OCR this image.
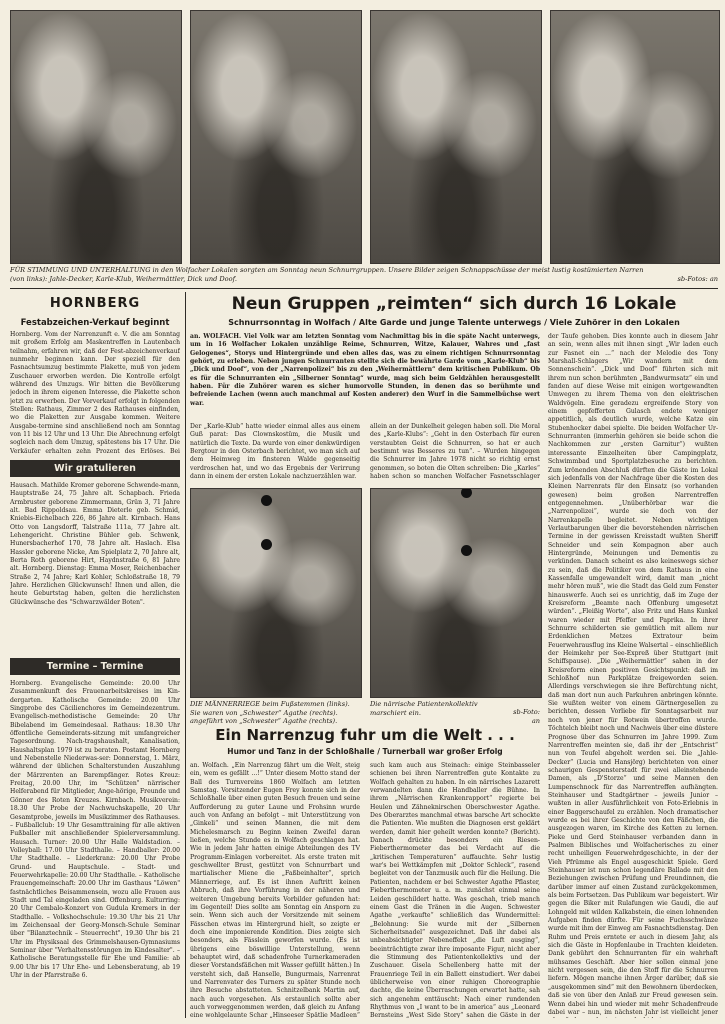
FÜR STIMMUNG UND UNTERHALTUNG in den Wolfacher Lokalen sorgten am Sonntag neun Schnurrgruppen. Unsere Bilder zeigen Schnappschüsse der meist lustig kostümierten Narren (von links): Jahle-Decker, Karle-Klub, Weihermättler, Dick und Doof.	sb-Fotos: an
HORNBERG
Festabzeichen-Verkauf beginnt
Hornberg. Vom der Narrenzunft e. V. die am Sonntag mit großem Erfolg am Maskentreffen in Lautenbach teilnahm, erfahren wir, daß der Fest-abzeichenverkauf nunmehr beginnen kann. Der speziell für den Fasnachtsumzug bestimmte Plakette, muß von jedem Zuschauer erworben werden. Die Kontrolle erfolgt während des Umzugs. Wir bitten die Bevölkerung jedoch in ihrem eigenen Interesse, die Plakette schon jetzt zu erwerben. Der Vorverkauf erfolgt in folgenden Stellen: Rathaus, Zimmer 2 des Rathauses einfinden, wo die Plaketten zur Ausgabe kommen. Weitere Ausgabe-termine sind anschließend noch am Sonntag von 11 bis 12 Uhr und 13 Uhr. Die Abrechnung erfolgt sogleich nach dem Umzug, spätestens bis 17 Uhr. Die Verkäufer erhalten zehn Prozent des Erlöses. Bei
Wir gratulieren
Hausach. Mathilde Kromer geborene Schwende-mann, Hauptstraße 24, 75 Jahre alt. Schapbach. Frieda Armbruster geborene Zimmermann, Grün 3, 71 Jahre alt. Bad Rippoldsau. Emma Dieterle geb. Schmid, Kniebis-Eichelbach 226, 86 Jahre alt. Kirnbach. Hans Otto von Langsdorff, Talstraße 111a, 77 Jahre alt. Lehengericht. Christine Bühler geb. Schwenk, Hunersbacherhof 170, 78 Jahre alt. Haslach. Elsa Hassler geborene Nicke, Am Spielplatz 2, 70 Jahre alt, Berta Roth geborene Hirt, Haydnstraße 6, 81 Jahre alt. Hornberg. Dienstag: Emma Moser, Reichenbacher Straße 2, 74 Jahre; Karl Kohler, Schloßstraße 18, 79 Jahre. Herzlichen Glückwunsch! Ihnen und allen, die heute Geburtstag haben, gelten die herzlichsten Glückwünsche des "Schwarzwälder Boten".
Termine – Termine
Hornberg. Evangelische Gemeinde: 20.00 Uhr Zusammenkunft des Frauenarbeitskreises im Kin-dergarten. Katholische Gemeinde: 20.00 Uhr Singprobe des Cäcilienchores im Gemeindezentrum. Evangelisch-methodistische Gemeinde: 20 Uhr Bibelabend im Gemeindesaal. Rathaus: 18.30 Uhr öffentliche Gemeinderats-sitzung mit umfangreicher Tagesordnung. Nach-tragshaushalt, Kanalisation, Haushaltsplan 1979 ist zu beraten. Postamt Hornberg und Nebenstelle Niederwas-ser: Donnerstag, 1. März, während der üblichen Schalterstunden Auszahlung der Märzrenten an Barempfänger. Rotes Kreuz: Freitag, 20.00 Uhr, im "Schützen" närrischer Helferabend für Mitglieder, Ange-hörige, Freunde und Gönner des Roten Kreuzes. Kirnbach. Musikverein: 18.30 Uhr Probe der Nachwuchskapelle, 20 Uhr Gesamtprobe, jeweils im Musikzimmer des Rathauses. – Fußballclub: 19 Uhr Gesamttraining für alle aktiven Fußballer mit anschließender Spielerversammlung. Hausach. Turner: 20.00 Uhr Halle Waldstadion. – Volleyball: 17.00 Uhr Stadthalle. – Handballer: 20.00 Uhr Stadthalle. – Liederkranz: 20.00 Uhr Probe Grund- und Hauptschule. – Stadt- und Feuerwehrkapelle: 20.00 Uhr Stadthalle. – Katholische Frauengemeinschaft: 20.00 Uhr im Gasthaus "Löwen" fastnächtliches Beisammensein, wozu alle Frauen aus Stadt und Tal eingeladen sind. Offenburg. Kulturring: 20 Uhr Cembalo-Konzert von Gudula Kremers in der Stadthalle. – Volkshochschule: 19.30 Uhr bis 21 Uhr im Zeichensaal der Georg-Monsch-Schule Seminar über "Bilanztechnik – Steuerrecht", 19.30 Uhr bis 21 Uhr im Physiksaal des Grimmelshausen-Gymnasiums Seminar über "Verhaltensstörungen im Kindesalter". – Katholische Beratungsstelle für Ehe und Familie: ab 9.00 Uhr bis 17 Uhr Ehe- und Lebensberatung, ab 19 Uhr in der Pfarrstraße 6.
Neun Gruppen „reimten“ sich durch 16 Lokale
Schnurrsonntag in Wolfach / Alte Garde und junge Talente unterwegs / Viele Zuhörer in den Lokalen
an. WOLFACH. Viel Volk war am letzten Sonntag vom Nachmittag bis in die späte Nacht unterwegs, um in 16 Wolfacher Lokalen unzählige Reime, Schnurren, Witze, Kalauer, Wahres und „fast Gelogenes“, Storys und Hintergründe und eben alles das, was zu einem richtigen Schnurrsonntag gehört, zu erleben. Neben jungen Schnurranten stellte sich die bewährte Garde vom „Karle-Klub“ bis „Dick und Doof“, von der „Narrenpolizei“ bis zu den „Weihermättlern“ dem kritischen Publikum. Ob es für die Schnurranten ein „Silberner Sonntag“ wurde, mag sich beim Geldzählen herausgestellt haben. Für die Zuhörer waren es sicher humorvolle Stunden, in denen das so berühmte und befreiende Lachen (wenn auch manchmal auf Kosten anderer) den Wurf in die Sammelbüchse wert war.
Der „Karle-Klub“ hatte wieder einmal alles aus einem Guß parat: Das Clownskostüm, die Musik und natürlich die Texte. Da wurde von einer denkwürdigen Bergtour in den Osterbach berichtet, wo man sich auf dem Heimweg im finsteren Walde gegenseitig verdroschen hat, und wo das Ergebnis der Verirrung dann in einem der ersten Lokale nachzuerzählen war.
allein an der Dunkelheit gelegen haben soll. Die Moral des „Karle-Klubs“: „Geht in den Osterbach für euren verstaubten Geist die Schnurren, so hat er auch bestimmt was Besseres zu tun“. – Wurden hingegen die Schnurrer im Jahre 1978 nicht so richtig ernst genommen, so boten die Olten schreiben: Die „Karles“ haben schon so manchen Wolfacher Fasnetsschlager
der Taufe gehoben. Dies konnte auch in diesem Jahr an sein, wenn alles mit ihnen singt „Wir laden euch zur Fasnet ein ...“ nach der Melodie des Tony Marshall-Schlagers „Wir wandern mit dem Sonnenschein“. „Dick und Doof“ führten sich mit ihrem nun schon berühmten „Bandwurmsatz“ ein und fanden auf diese Weise mit einigen wortgewandten Umwegen zu ihrem Thema von den elektrischen Waldvögeln. Eine geradezu ergreifende Story von einem gepfefferten Gulasch endete weniger appetitlich, als deutlich wurde, welche Katze ein Stubenhocker dabei spielte. Die beiden Wolfacher Ur-Schnurranten (immerhin gehören sie beide schon die Nachkommen zur „ersten Garnitur“) wußten interessante Einzelheiten über Campingplatz, Schwimmbad und Sportplatzbesuche zu berichten. Zum krönenden Abschluß dürften die Gäste im Lokal sich jedenfalls von der Nachfrage über die Kosten des Kleinen Narrenrats für den Einsatz (so vorhanden gewesen) beim großen Narrentreffen entgegennehmen. „Unüberhörbar war die „Narrenpolizei“, wurde sie doch von der Narrenkapelle begleitet. Neben wichtigen Verlautbarungen über die bevorstehenden närrischen Termine in der gewissen Kreisstadt wußten Sheriff Schneider und sein Kompagnon aber auch Hintergründe, Meinungen und Dementis zu verkünden. Danach scheint es also keineswegs sicher zu sein, daß die Politiker von dem Rathaus in eine Kassenfalle umgewandelt wird, damit man „nicht mehr hören muß“, wie die Stadt das Geld zum Fenster hinauswerfe. Auch sei es unrichtig, daß im Zuge der Kreisreform „Beamte nach Offenburg umgesetzt würden“. „Fleißig Worte“, also Fritz und Hans Kunkel waren wieder mit Pfeffer und Paprika. In ihrer Schnurre schilderten sie gemütlich mit allem nur Erdenklichen Metzes Extratour beim Feuerwehrausflug ins Kleine Walsertal – einschließlich der Heimkehr per See-Expreß über Stuttgart (mit Schiffspause). „Die „Weihermättler“ sahen in der Kreisreform einen positiven Gesichtspunkt: daß im Schloßhof nun Parkplätze freigeworden seien. Allerdings verschwiegen sie ihre Befürchtung nicht, daß man dort nun auch Parkuhren anbringen könnte. Sie wußten weiter von einem Gärtnergesellen zu berichten, dessen Vorliebe für Sonntagsarbeit nur noch von jener für Rotwein übertroffen wurde. Töchtelch bleibt noch und Nachweis über eine düstere Prognose über das Schnurren im Jahre 1999. Zum Narrentreffen meinten sie, daß ihr der „Entschrist“ nun von Teufel abgeholt werden sei. Die „Jahle-Decker“ (Lucia und Hansjörg) berichteten von einer schaurigen Gespensterstadt für zwei alleinstehende Damen, als „D'Storze“ und seine Mannen den Lumpenschnock für das Narrentreffen aufhängten. Steinhauser und Stadtgärtner – jeweils Junior – wußten in aller Ausführlichkeit von Foto-Erlebnis in einer Baggerschaufel zu erzählen. Noch dramatischer wurde es bei ihrer Geschichte von den Fäßchen, die ausgezogen waren, im Kirche des Ketten zu lernen. Pieke und Gerd Steinhauser verbanden dann in Psalmen Biblisches und Wolfacherisches zu einer recht unheiligen Feuerwehrdgeschichte, in der der Vieh Pfrümme als Engel ausgeschickt Spiele. Gerd Steinhauser ist nun schon legendäre Ballade mit den Beziehungen zwischen Prüfung und Freundinnen, die darüber immer auf einen Zustand zurückgekommen, als beim Fortsetzen. Das Publikum war begeistert. Wir gegen die Biker mit Rulafungen wie Gaudi, die auf Lohngeld mit wilden Kalkabstein, die einen lohnenden Aufgaben finden dürfte. Für seine Fuchsschwänze wurde mit ihm der Einweg am Fasnachtsdienstag. Den Ruhm und Preis erntete er auch in diesem Jahr, als sich die Gäste in Hopfenlaube in Trachten kleideten. Dank gebührt den Schnurranten für ein wahrhaft mühsames Geschäft. Aber hier sollen einmal jene nicht vergessen sein, die den Stoff für die Schnurren liefern. Mögen manche ihnen Ärger darüber, daß sie „ausgekommen sind“ mit den Bewohnern überdecken, daß sie von über den Anlaß zur Freud gewesen sein. Wenn dabei hin und wieder mit mehr Schadenfreude dabei war – nun, im nächsten Jahr ist vielleicht jener
DIE MÄNNERRIEGE beim Fußstemmen (links). Sie waren von „Schwester“ Agathe (rechts). angeführt von „Schwester“ Agathe (rechts).
Die närrische Patientenkollektiv marschiert ein.	sb-Foto: an
Ein Narrenzug fuhr um die Welt . . .
Humor und Tanz in der Schloßhalle / Turnerball war großer Erfolg
an. Wolfach. „Ein Narrenzug fährt um die Welt, steig ein, wem es gefällt ...!“ Unter diesem Motto stand der Ball des Turnvereins 1860 Wolfach am letzten Samstag. Vorsitzender Eugen Frey konnte sich in der Schloßhalle über einen guten Besuch freuen und seine Aufforderung zu guter Laune und Frohsinn wurde auch von Anfang an befolgt – mit Unterstützung von „Ginkeli“ und seinen Mannen, die mit dem Michelesmarsch zu Beginn keinen Zweifel daran ließen, welche Stunde es in Wolfach geschlagen hat. Wie in jedem Jahr hatten einige Abteilungen des TV Programm-Einlagen vorbereitet. Als erste traten mit geschwellter Brust, gestützt von Schnurrbart und martialischer Miene die „Faßbeinhalter“, sprich Männerriege, auf. Es ist ihnen Auftritt keinen Abbruch, daß ihre Vorführung in der näheren und weiteren Umgebung bereits Vorbilder gefunden hat: im Gegenteil! Dies sollte am Sonntag ein Ansporn zu sein. Wenn sich auch der Vorsitzende mit seinem Fässchen etwas im Hintergrund hielt, so zeigte er doch eine imponierende Kondition. Dies zeigte sich besonders, als Fässlein geworfen wurde. (Es ist übrigens eine böswillige Unterstellung, wenn behauptet wird, daß schadenfrohe Turnerkameraden dieser Vorstandsfäßchen mit Wasser gefüllt hätten.) In versteht sich, daß Hanselle, Bungurmais, Narrenrat und Narrenvater des Turners zu später Stunde noch ihre Besuche abstatteten. Schnitzelbank Martin auf, nach auch vorgesehen. Als erstaunlich sollte aber auch vorweggenommen werden, daß gleich zu Anfang eine wohlgelaunte Schar „Hinseeser Spätlie Madleen“
such kam auch aus Steinach: einige Steinbasseler schienen bei ihren Narrentreffen gute Kontakte zu Wolfach gehalten zu haben. In ein närrisches Lazarett verwandelten dann die Handballer die Bühne. In ihrem „Närrischen Krankenrapport“ regierte bei Heulen und Zähneknirschen Oberschwester Agathe. Des Oberarztes manchmal etwas barsche Art schockte die Patienten. Wie mußten die Diagnosen erst geklärt werden, damit hier geheilt werden konnte? (Bericht). Danach drückte besonders ein Riesen-Fieberthermometer das bei Verdacht auf die „kritischen Temperaturen“ auffauchte. Sehr lustig war's bei Wettkämpfen mit „Doktor Schleck“, rasend begleitet von der Tanzmusik auch für die Heilung. Die Patienten, nachdem er bei Schwester Agathe Pflaster, Fieberthermometer u. a. m. zunächst einmal seine Leiden geschildert hatte. Was geschah, trieb manch einem Gast die Tränen in die Augen. Schwester Agathe „verkaufte“ schließlich das Wundermittel: „Belohnung: Sie wurde mit der „Silbernen Sicherheitsnadel“ ausgezeichnet. Daß ihr dabei als unbeabsichtigter Nebeneffekt „die Luft ausging“, beeinträchtigte zwar ihre imposante Figur, nicht aber die Stimmung des Patientenkollektivs und der Zuschauer. Gisela Schellenberg hatte mit der Frauenriege Teil in ein Ballett einstudiert. Wer dabei üblicherweise von einer ruhigen Choreographie dachte, die keine Überraschungen erwartet hatte, sah sich angenehm enttäuscht: Nach einer rundenden Rhythmus von „I want to be in america“ aus „Leonard Bernsteins „West Side Story“ sahen die Gäste in der
